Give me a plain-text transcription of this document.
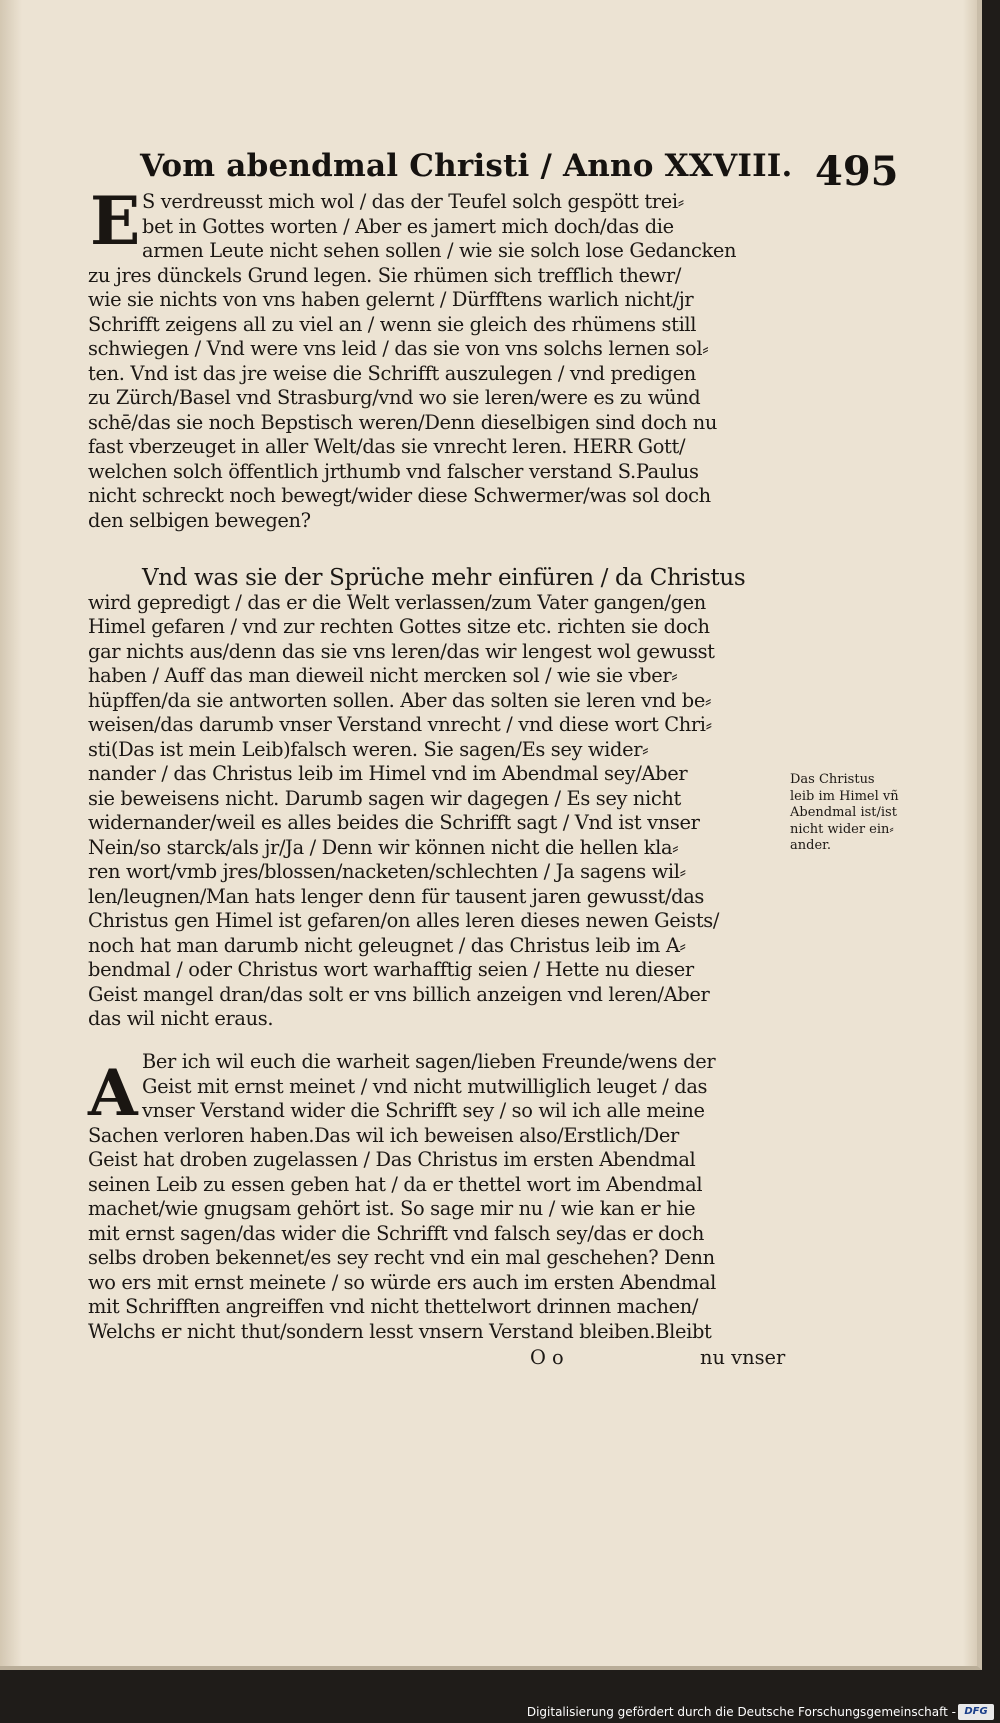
Vom abendmal Christi / Anno XXVIII. 495
E S verdreusst mich wol / das der Teufel solch gespött trei⸗
bet in Gottes worten / Aber es jamert mich doch/das die
armen Leute nicht sehen sollen / wie sie solch lose Gedancken
zu jres dünckels Grund legen. Sie rhümen sich trefflich thewr/
wie sie nichts von vns haben gelernt / Dürfftens warlich nicht/jr
Schrifft zeigens all zu viel an / wenn sie gleich des rhümens still
schwiegen / Vnd were vns leid / das sie von vns solchs lernen sol⸗
ten. Vnd ist das jre weise die Schrifft auszulegen / vnd predigen
zu Zürch/Basel vnd Strasburg/vnd wo sie leren/were es zu wünd
schē/das sie noch Bepstisch weren/Denn dieselbigen sind doch nu
fast vberzeuget in aller Welt/das sie vnrecht leren. HERR Gott/
welchen solch öffentlich jrthumb vnd falscher verstand S.Paulus
nicht schreckt noch bewegt/wider diese Schwermer/was sol doch
den selbigen bewegen?
Vnd was sie der Sprüche mehr einfüren / da Christus
wird gepredigt / das er die Welt verlassen/zum Vater gangen/gen
Himel gefaren / vnd zur rechten Gottes sitze etc. richten sie doch
gar nichts aus/denn das sie vns leren/das wir lengest wol gewusst
haben / Auff das man dieweil nicht mercken sol / wie sie vber⸗
hüpffen/da sie antworten sollen. Aber das solten sie leren vnd be⸗
weisen/das darumb vnser Verstand vnrecht / vnd diese wort Chri⸗
sti(Das ist mein Leib)falsch weren. Sie sagen/Es sey wider⸗
nander / das Christus leib im Himel vnd im Abendmal sey/Aber
sie beweisens nicht. Darumb sagen wir dagegen / Es sey nicht
widernander/weil es alles beides die Schrifft sagt / Vnd ist vnser
Nein/so starck/als jr/Ja / Denn wir können nicht die hellen kla⸗
ren wort/vmb jres/blossen/nacketen/schlechten / Ja sagens wil⸗
len/leugnen/Man hats lenger denn für tausent jaren gewusst/das
Christus gen Himel ist gefaren/on alles leren dieses newen Geists/
noch hat man darumb nicht geleugnet / das Christus leib im A⸗
bendmal / oder Christus wort warhafftig seien / Hette nu dieser
Geist mangel dran/das solt er vns billich anzeigen vnd leren/Aber
das wil nicht eraus.
Das Christus
leib im Himel vñ
Abendmal ist/ist
nicht wider ein⸗
ander.
A Ber ich wil euch die warheit sagen/lieben Freunde/wens der
Geist mit ernst meinet / vnd nicht mutwilliglich leuget / das
vnser Verstand wider die Schrifft sey / so wil ich alle meine
Sachen verloren haben.Das wil ich beweisen also/Erstlich/Der
Geist hat droben zugelassen / Das Christus im ersten Abendmal
seinen Leib zu essen geben hat / da er thettel wort im Abendmal
machet/wie gnugsam gehört ist. So sage mir nu / wie kan er hie
mit ernst sagen/das wider die Schrifft vnd falsch sey/das er doch
selbs droben bekennet/es sey recht vnd ein mal geschehen? Denn
wo ers mit ernst meinete / so würde ers auch im ersten Abendmal
mit Schrifften angreiffen vnd nicht thettelwort drinnen machen/
Welchs er nicht thut/sondern lesst vnsern Verstand bleiben.Bleibt
O o	nu vnser
Digitalisierung gefördert durch die Deutsche Forschungsgemeinschaft - DFG
